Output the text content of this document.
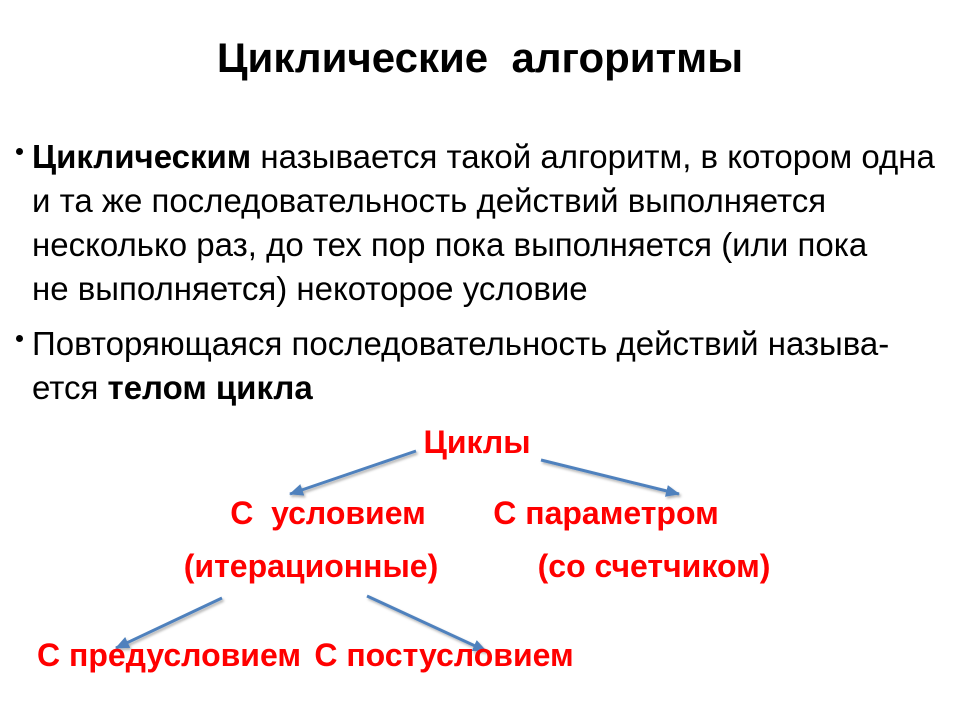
Циклические  алгоритмы
Циклическим называется такой алгоритм, в котором одна
и та же последовательность действий выполняется
несколько раз, до тех пор пока выполняется (или пока
не выполняется) некоторое условие
Повторяющаяся последовательность действий называ-
ется телом цикла
Циклы
С  условием С параметром
(итерационные)	(со счетчиком)
С предусловием С постусловием
